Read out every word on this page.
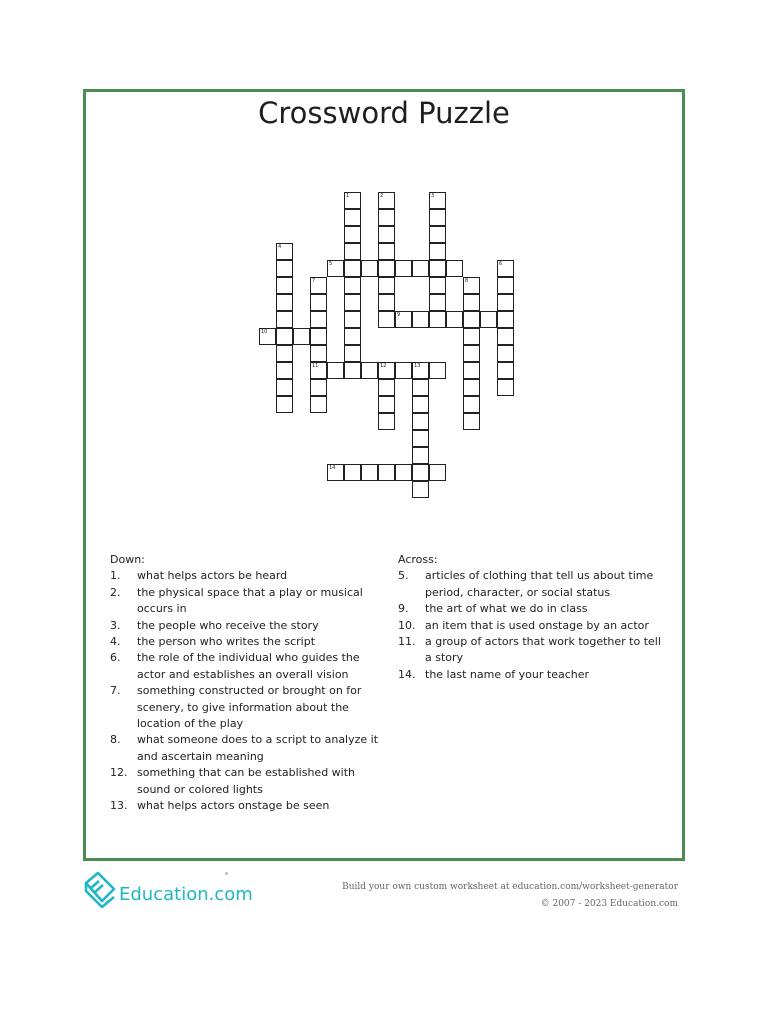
Crossword Puzzle
1	2	3
4
5	6
7	8
9
10
11	12	13
14

Down:

1.	what helps actors be heard
2.	the physical space that a play or musical occurs in
3.	the people who receive the story
4.	the person who writes the script
6.	the role of the individual who guides the actor and establishes an overall vision
7.	something constructed or brought on for scenery, to give information about the location of the play
8.	what someone does to a script to analyze it and ascertain meaning
12. something that can be established with sound or colored lights
13. what helps actors onstage be seen

Across:

5.	articles of clothing that tell us about time period, character, or social status
9.	the art of what we do in class
10. an item that is used onstage by an actor
11. a group of actors that work together to tell a story
14. the last name of your teacher
Education.com	Build your own custom worksheet at education.com/worksheet-generator
© 2007 - 2023 Education.com
